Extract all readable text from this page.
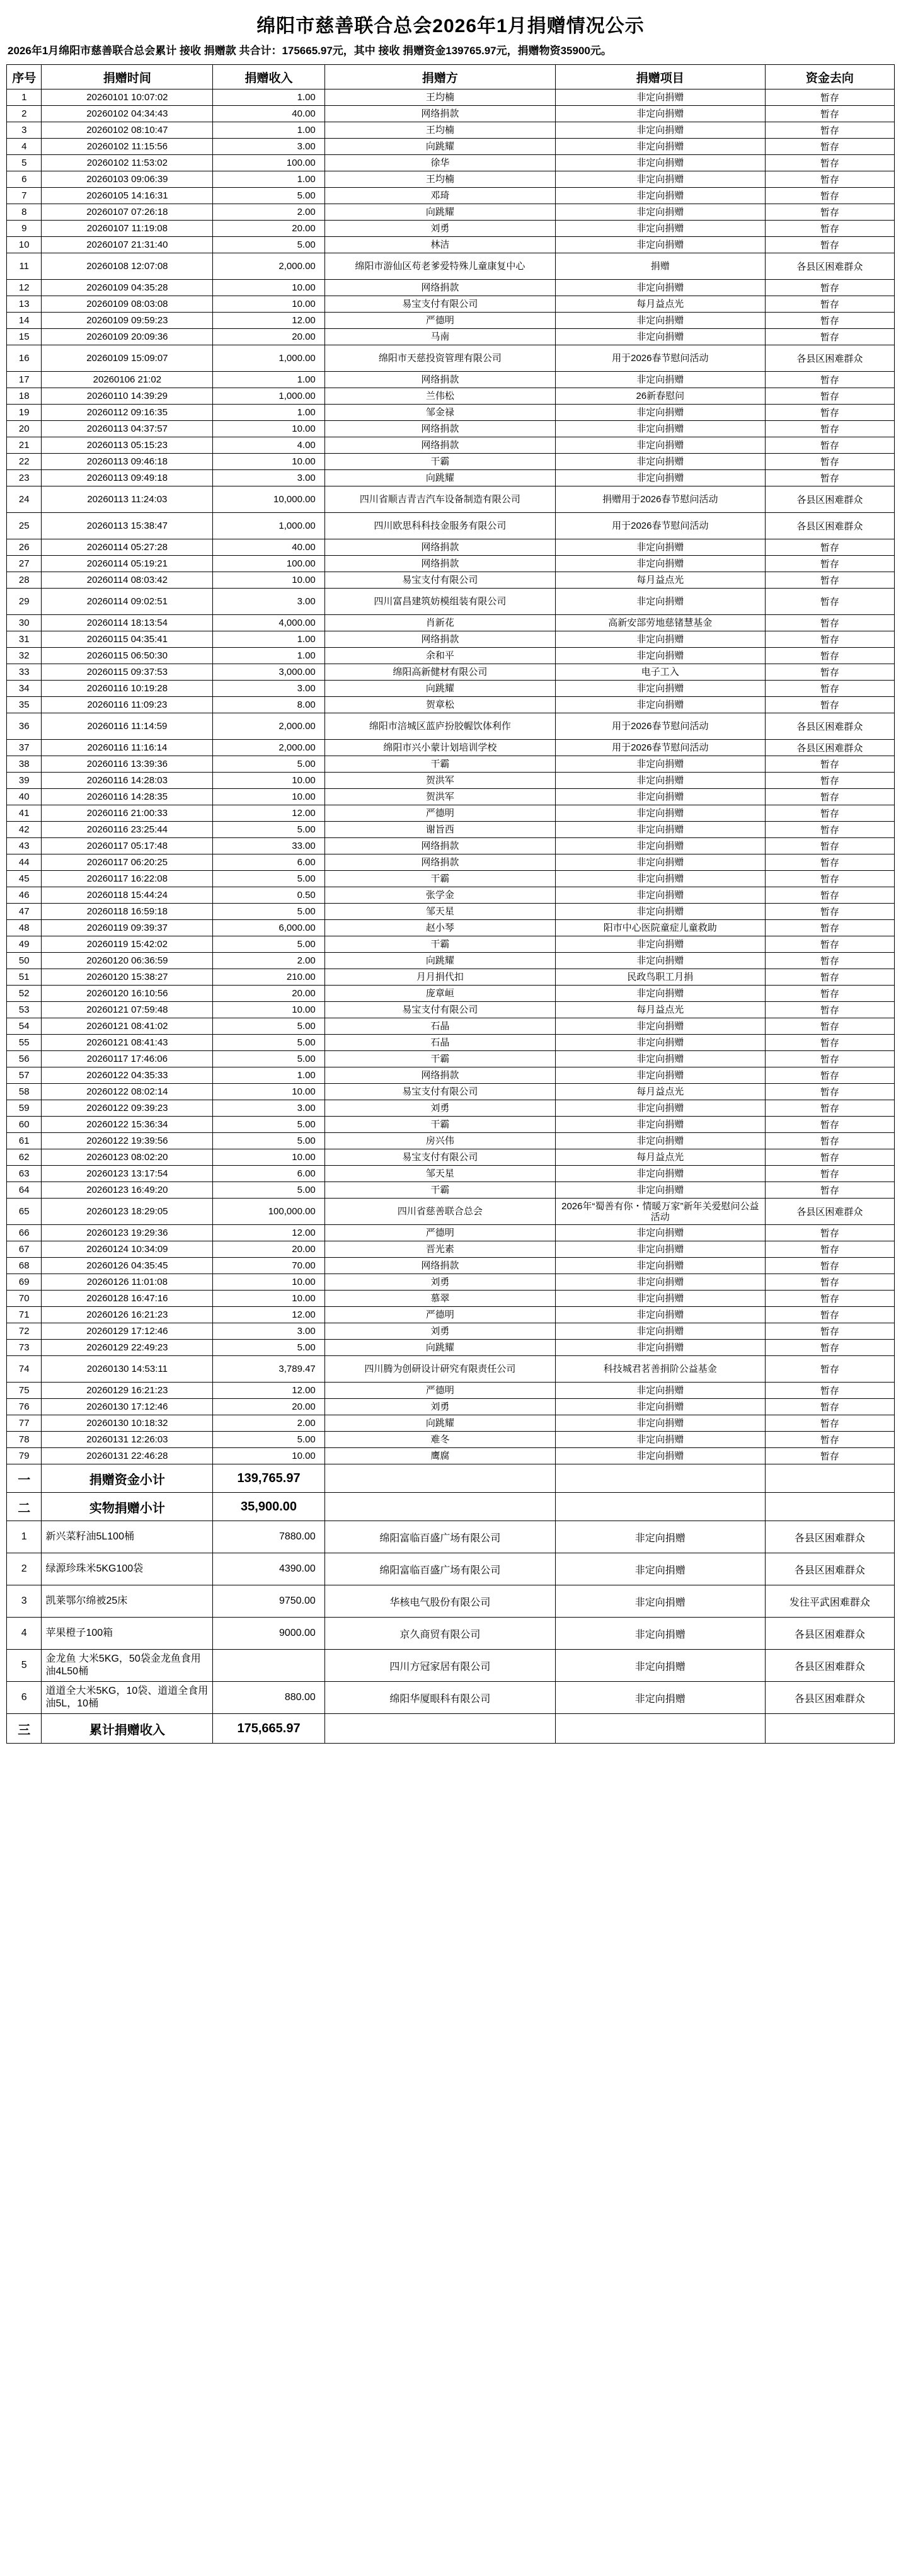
绵阳市慈善联合总会2026年1月捐赠情况公示
2026年1月绵阳市慈善联合总会累计 接收 捐赠款 共合计：175665.97元，其中 接收 捐赠资金139765.97元，捐赠物资35900元。
序号	捐赠时间	捐赠收入	捐赠方	捐赠项目	资金去向
1	20260101 10:07:02	1.00	王均楠	非定向捐赠	暂存
2	20260102 04:34:43	40.00	网络捐款	非定向捐赠	暂存
3	20260102 08:10:47	1.00	王均楠	非定向捐赠	暂存
4	20260102 11:15:56	3.00	向跳耀	非定向捐赠	暂存
5	20260102 11:53:02	100.00	徐华	非定向捐赠	暂存
6	20260103 09:06:39	1.00	王均楠	非定向捐赠	暂存
7	20260105 14:16:31	5.00	邓琦	非定向捐赠	暂存
8	20260107 07:26:18	2.00	向跳耀	非定向捐赠	暂存
9	20260107 11:19:08	20.00	刘勇	非定向捐赠	暂存
10	20260107 21:31:40	5.00	林洁	非定向捐赠	暂存
11	20260108 12:07:08	2,000.00	绵阳市游仙区苟老爹爱特殊儿童康复中心	捐赠	各县区困难群众
12	20260109 04:35:28	10.00	网络捐款	非定向捐赠	暂存
13	20260109 08:03:08	10.00	易宝支付有限公司	每月益点光	暂存
14	20260109 09:59:23	12.00	严德明	非定向捐赠	暂存
15	20260109 20:09:36	20.00	马南	非定向捐赠	暂存
16	20260109 15:09:07	1,000.00	绵阳市天慈投资管理有限公司	用于2026春节慰问活动	各县区困难群众
17	20260106 21:02	1.00	网络捐款	非定向捐赠	暂存
18	20260110 14:39:29	1,000.00	兰伟松	26新春慰问	暂存
19	20260112 09:16:35	1.00	邹金禄	非定向捐赠	暂存
20	20260113 04:37:57	10.00	网络捐款	非定向捐赠	暂存
21	20260113 05:15:23	4.00	网络捐款	非定向捐赠	暂存
22	20260113 09:46:18	10.00	干霸	非定向捐赠	暂存
23	20260113 09:49:18	3.00	向跳耀	非定向捐赠	暂存
24	20260113 11:24:03	10,000.00	四川省顺吉青吉汽车设备制造有限公司	捐赠用于2026春节慰问活动	各县区困难群众
25	20260113 15:38:47	1,000.00	四川欧思科科技金服务有限公司	用于2026春节慰问活动	各县区困难群众
26	20260114 05:27:28	40.00	网络捐款	非定向捐赠	暂存
27	20260114 05:19:21	100.00	网络捐款	非定向捐赠	暂存
28	20260114 08:03:42	10.00	易宝支付有限公司	每月益点光	暂存
29	20260114 09:02:51	3.00	四川富昌建筑妨模组装有限公司	非定向捐赠	暂存
30	20260114 18:13:54	4,000.00	肖新花	高新安部劳地慈锗慧基金	暂存
31	20260115 04:35:41	1.00	网络捐款	非定向捐赠	暂存
32	20260115 06:50:30	1.00	余和平	非定向捐赠	暂存
33	20260115 09:37:53	3,000.00	绵阳高新健材有限公司	电子工入	暂存
34	20260116 10:19:28	3.00	向跳耀	非定向捐赠	暂存
35	20260116 11:09:23	8.00	贺章松	非定向捐赠	暂存
36	20260116 11:14:59	2,000.00	绵阳市涪城区蓝庐扮胶幄饮体利作	用于2026春节慰问活动	各县区困难群众
37	20260116 11:16:14	2,000.00	绵阳市兴小蒙计划培训学校	用于2026春节慰问活动	各县区困难群众
38	20260116 13:39:36	5.00	干霸	非定向捐赠	暂存
39	20260116 14:28:03	10.00	贺洪军	非定向捐赠	暂存
40	20260116 14:28:35	10.00	贺洪军	非定向捐赠	暂存
41	20260116 21:00:33	12.00	严德明	非定向捐赠	暂存
42	20260116 23:25:44	5.00	谢旨西	非定向捐赠	暂存
43	20260117 05:17:48	33.00	网络捐款	非定向捐赠	暂存
44	20260117 06:20:25	6.00	网络捐款	非定向捐赠	暂存
45	20260117 16:22:08	5.00	干霸	非定向捐赠	暂存
46	20260118 15:44:24	0.50	张学金	非定向捐赠	暂存
47	20260118 16:59:18	5.00	邹天星	非定向捐赠	暂存
48	20260119 09:39:37	6,000.00	赵小琴	阳市中心医院童症儿童救助	暂存
49	20260119 15:42:02	5.00	干霸	非定向捐赠	暂存
50	20260120 06:36:59	2.00	向跳耀	非定向捐赠	暂存
51	20260120 15:38:27	210.00	月月捐代扣	民政鸟职工月捐	暂存
52	20260120 16:10:56	20.00	庞章峘	非定向捐赠	暂存
53	20260121 07:59:48	10.00	易宝支付有限公司	每月益点光	暂存
54	20260121 08:41:02	5.00	石晶	非定向捐赠	暂存
55	20260121 08:41:43	5.00	石晶	非定向捐赠	暂存
56	20260117 17:46:06	5.00	干霸	非定向捐赠	暂存
57	20260122 04:35:33	1.00	网络捐款	非定向捐赠	暂存
58	20260122 08:02:14	10.00	易宝支付有限公司	每月益点光	暂存
59	20260122 09:39:23	3.00	刘勇	非定向捐赠	暂存
60	20260122 15:36:34	5.00	干霸	非定向捐赠	暂存
61	20260122 19:39:56	5.00	房兴伟	非定向捐赠	暂存
62	20260123 08:02:20	10.00	易宝支付有限公司	每月益点光	暂存
63	20260123 13:17:54	6.00	邹天星	非定向捐赠	暂存
64	20260123 16:49:20	5.00	干霸	非定向捐赠	暂存
65	20260123 18:29:05	100,000.00	四川省慈善联合总会	2026年“蜀善有你・情暖万家”新年关爱慰问公益活动	各县区困难群众
66	20260123 19:29:36	12.00	严德明	非定向捐赠	暂存
67	20260124 10:34:09	20.00	晋光素	非定向捐赠	暂存
68	20260126 04:35:45	70.00	网络捐款	非定向捐赠	暂存
69	20260126 11:01:08	10.00	刘勇	非定向捐赠	暂存
70	20260128 16:47:16	10.00	慕翠	非定向捐赠	暂存
71	20260126 16:21:23	12.00	严德明	非定向捐赠	暂存
72	20260129 17:12:46	3.00	刘勇	非定向捐赠	暂存
73	20260129 22:49:23	5.00	向跳耀	非定向捐赠	暂存
74	20260130 14:53:11	3,789.47	四川腾为创研设计研究有限责任公司	科技城君茗善捐阶公益基金	暂存
75	20260129 16:21:23	12.00	严德明	非定向捐赠	暂存
76	20260130 17:12:46	20.00	刘勇	非定向捐赠	暂存
77	20260130 10:18:32	2.00	向跳耀	非定向捐赠	暂存
78	20260131 12:26:03	5.00	难冬	非定向捐赠	暂存
79	20260131 22:46:28	10.00	鹰腐	非定向捐赠	暂存
一	捐赠资金小计	139,765.97			
二	实物捐赠小计	35,900.00			
1	新兴菜籽油5L100桶	7880.00	绵阳富临百盛广场有限公司	非定向捐赠	各县区困难群众
2	绿源珍珠米5KG100袋	4390.00	绵阳富临百盛广场有限公司	非定向捐赠	各县区困难群众
3	凯莱鄂尔绵被25床	9750.00	华核电气股份有限公司	非定向捐赠	发往平武困难群众
4	苹果橙子100箱	9000.00	京久商贸有限公司	非定向捐赠	各县区困难群众
5	金龙鱼 大米5KG，50袋金龙鱼食用油4L50桶		四川方冠家居有限公司	非定向捐赠	各县区困难群众
6	道道全大米5KG，10袋、道道全食用油5L，10桶	880.00	绵阳华厦眼科有限公司	非定向捐赠	各县区困难群众
三	累计捐赠收入	175,665.97			
